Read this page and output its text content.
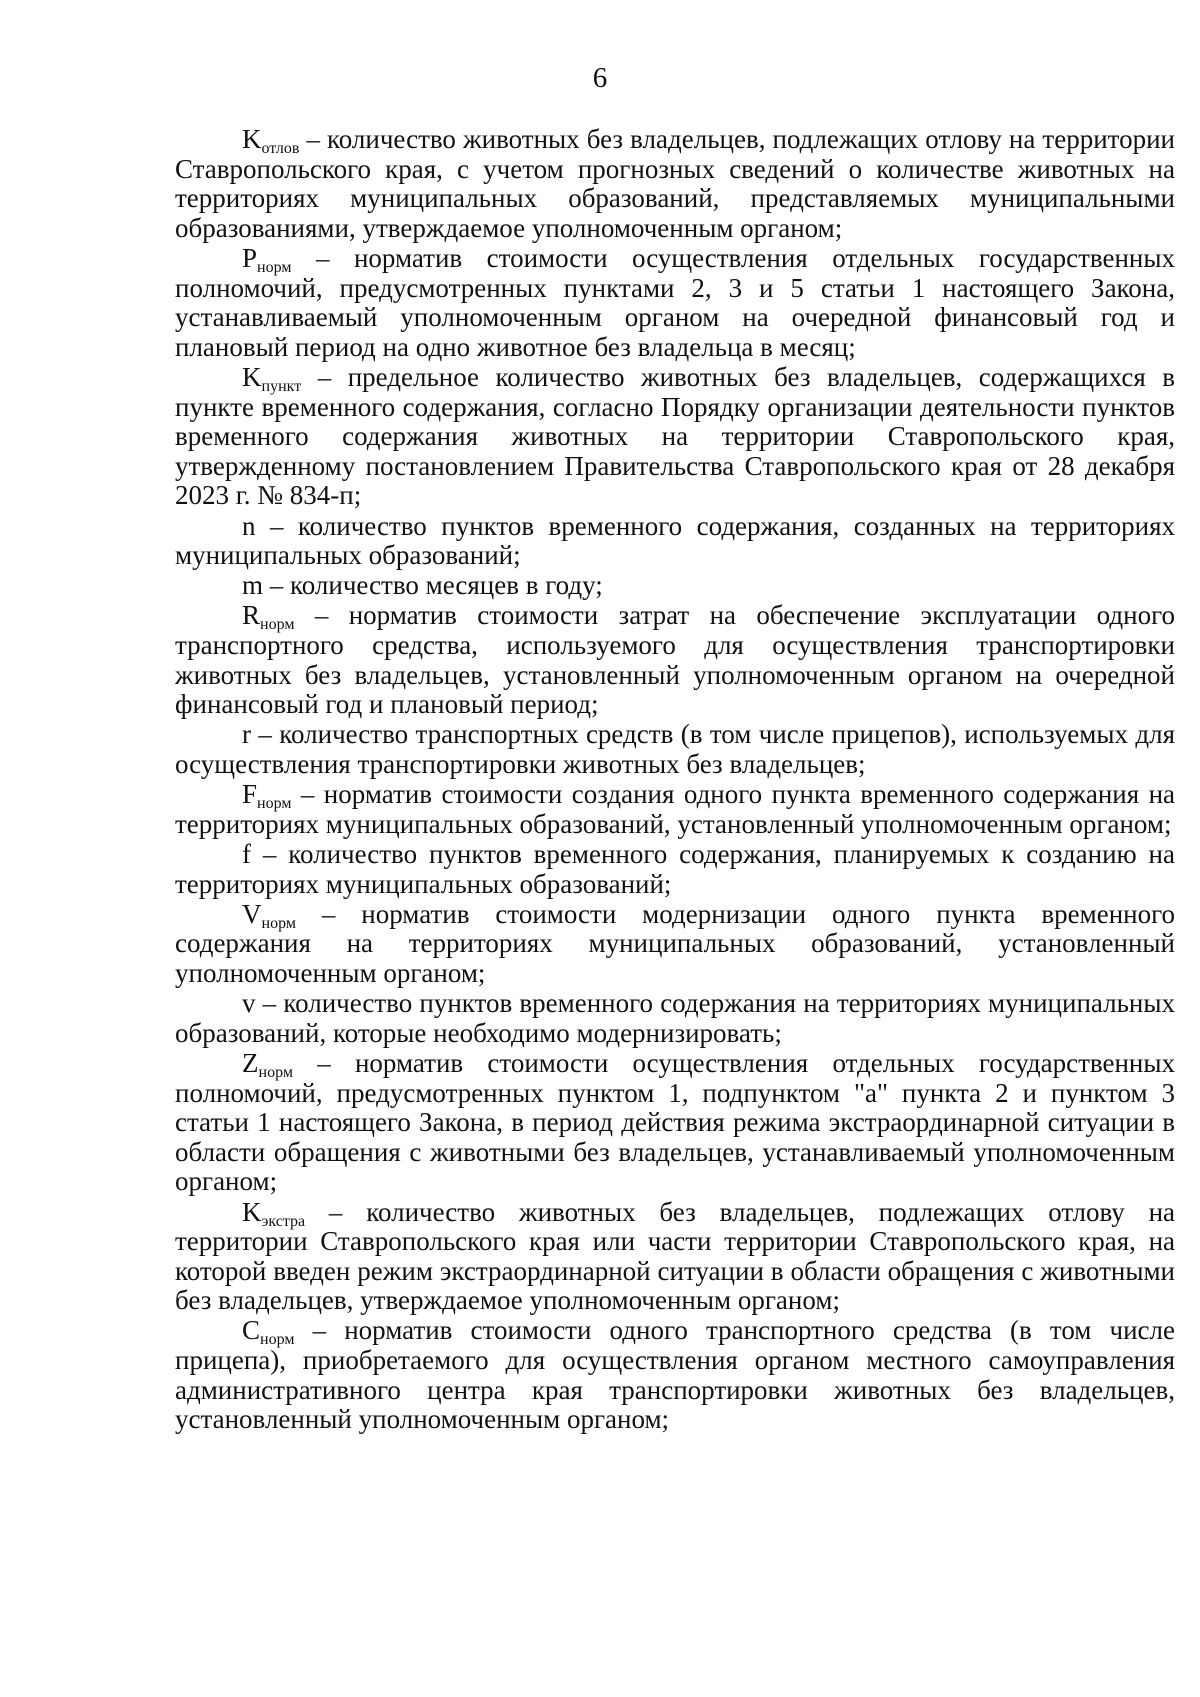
6

$K_{отлов}$ – количество животных без владельцев, подлежащих отлову на территории Ставропольского края, с учетом прогнозных сведений о количестве животных на территориях муниципальных образований, представляемых муниципальными образованиями, утверждаемое уполномоченным органом;

$P_{норм}$ – норматив стоимости осуществления отдельных государственных полномочий, предусмотренных пунктами 2, 3 и 5 статьи 1 настоящего Закона, устанавливаемый уполномоченным органом на очередной финансовый год и плановый период на одно животное без владельца в месяц;

$K_{пункт}$ – предельное количество животных без владельцев, содержащихся в пункте временного содержания, согласно Порядку организации деятельности пунктов временного содержания животных на территории Ставропольского края, утвержденному постановлением Правительства Ставропольского края от 28 декабря 2023 г. № 834-п;

n – количество пунктов временного содержания, созданных на территориях муниципальных образований;

m – количество месяцев в году;

$R_{норм}$ – норматив стоимости затрат на обеспечение эксплуатации одного транспортного средства, используемого для осуществления транспортировки животных без владельцев, установленный уполномоченным органом на очередной финансовый год и плановый период;

r – количество транспортных средств (в том числе прицепов), используемых для осуществления транспортировки животных без владельцев;

$F_{норм}$ – норматив стоимости создания одного пункта временного содержания на территориях муниципальных образований, установленный уполномоченным органом;

f – количество пунктов временного содержания, планируемых к созданию на территориях муниципальных образований;

$V_{норм}$ – норматив стоимости модернизации одного пункта временного содержания на территориях муниципальных образований, установленный уполномоченным органом;

v – количество пунктов временного содержания на территориях муниципальных образований, которые необходимо модернизировать;

$Z_{норм}$ – норматив стоимости осуществления отдельных государственных полномочий, предусмотренных пунктом 1, подпунктом "а" пункта 2 и пунктом 3 статьи 1 настоящего Закона, в период действия режима экстраординарной ситуации в области обращения с животными без владельцев, устанавливаемый уполномоченным органом;

$K_{экстра}$ – количество животных без владельцев, подлежащих отлову на территории Ставропольского края или части территории Ставропольского края, на которой введен режим экстраординарной ситуации в области обращения с животными без владельцев, утверждаемое уполномоченным органом;

$C_{норм}$ – норматив стоимости одного транспортного средства (в том числе прицепа), приобретаемого для осуществления органом местного самоуправления административного центра края транспортировки животных без владельцев, установленный уполномоченным органом;
